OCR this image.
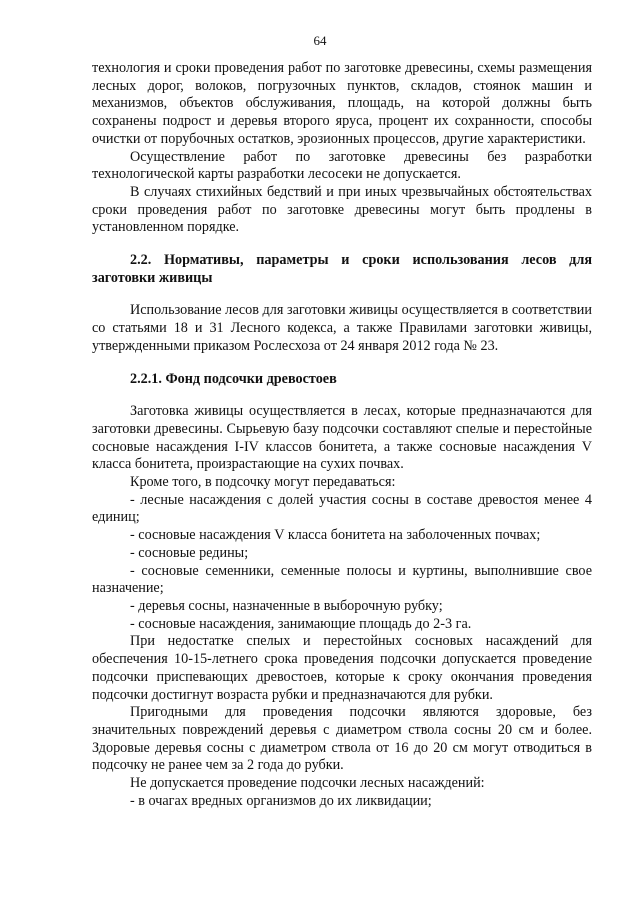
64

технология и сроки проведения работ по заготовке древесины, схемы размещения лесных дорог, волоков, погрузочных пунктов, складов, стоянок машин и механизмов, объектов обслуживания, площадь, на которой должны быть сохранены подрост и деревья второго яруса, процент их сохранности, способы очистки от порубочных остатков, эрозионных процессов, другие характеристики.

Осуществление работ по заготовке древесины без разработки технологической карты разработки лесосеки не допускается.

В случаях стихийных бедствий и при иных чрезвычайных обстоятельствах сроки проведения работ по заготовке древесины могут быть продлены в установленном порядке.

2.2. Нормативы, параметры и сроки использования лесов для заготовки живицы

Использование лесов для заготовки живицы осуществляется в соответствии со статьями 18 и 31 Лесного кодекса, а также Правилами заготовки живицы, утвержденными приказом Рослесхоза от 24 января 2012 года № 23.

2.2.1. Фонд подсочки древостоев

Заготовка живицы осуществляется в лесах, которые предназначаются для заготовки древесины. Сырьевую базу подсочки составляют спелые и перестойные сосновые насаждения I-IV классов бонитета, а также сосновые насаждения V класса бонитета, произрастающие на сухих почвах.

Кроме того, в подсочку могут передаваться:

- лесные насаждения с долей участия сосны в составе древостоя менее 4 единиц;

- сосновые насаждения V класса бонитета на заболоченных почвах;

- сосновые редины;

- сосновые семенники, семенные полосы и куртины, выполнившие свое назначение;

- деревья сосны, назначенные в выборочную рубку;

- сосновые насаждения, занимающие площадь до 2-3 га.

При недостатке спелых и перестойных сосновых насаждений для обеспечения 10-15-летнего срока проведения подсочки допускается проведение подсочки приспевающих древостоев, которые к сроку окончания проведения подсочки достигнут возраста рубки и предназначаются для рубки.

Пригодными для проведения подсочки являются здоровые, без значительных повреждений деревья с диаметром ствола сосны 20 см и более. Здоровые деревья сосны с диаметром ствола от 16 до 20 см могут отводиться в подсочку не ранее чем за 2 года до рубки.

Не допускается проведение подсочки лесных насаждений:

- в очагах вредных организмов до их ликвидации;
